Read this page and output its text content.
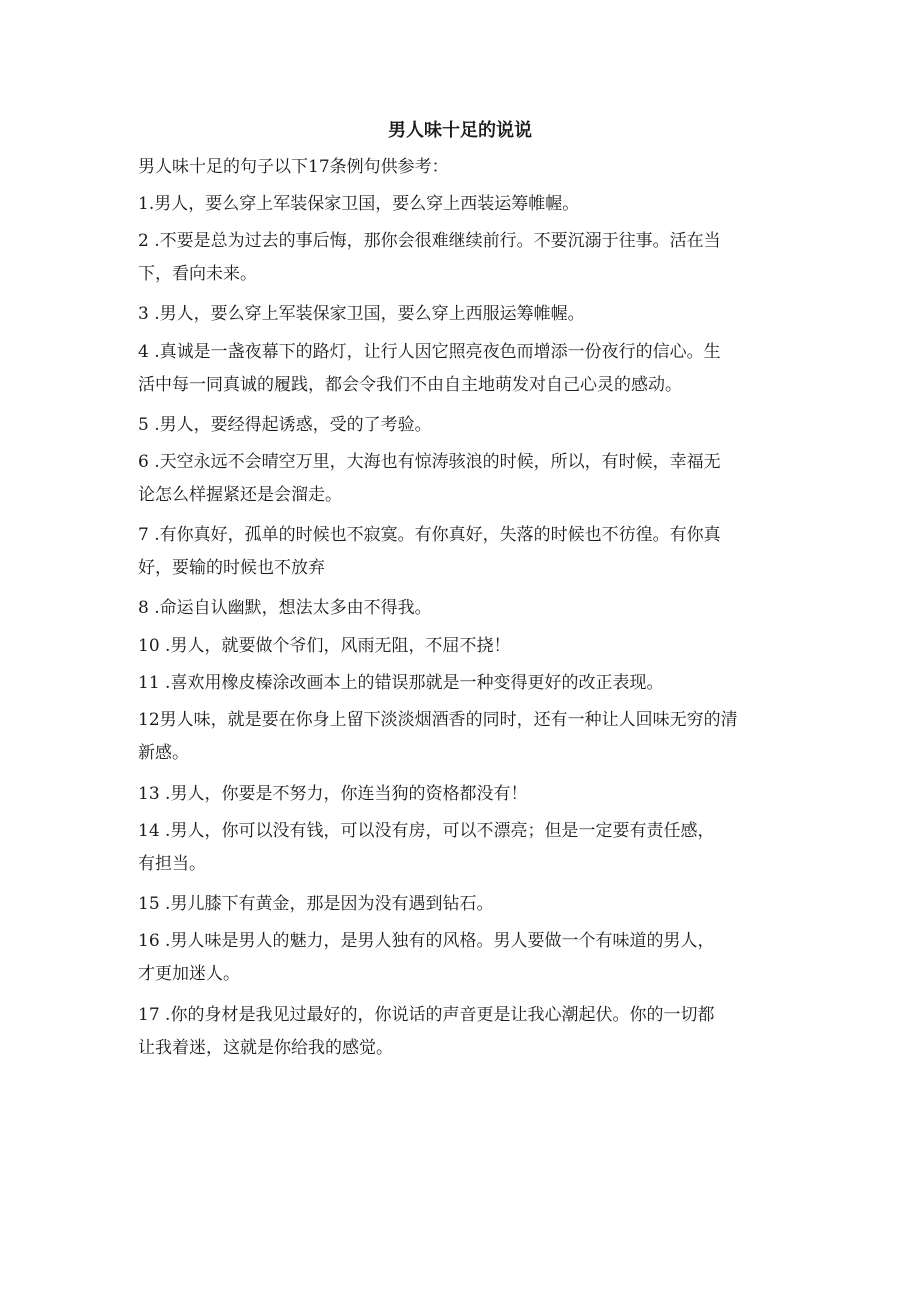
男人味十足的说说

男人味十足的句子以下17条例句供参考：

1.男人，要么穿上军装保家卫国，要么穿上西装运筹帷幄。

2 .不要是总为过去的事后悔，那你会很难继续前行。不要沉溺于往事。活在当
下，看向未来。

3 .男人，要么穿上军装保家卫国，要么穿上西服运筹帷幄。

4 .真诚是一盏夜幕下的路灯，让行人因它照亮夜色而增添一份夜行的信心。生
活中每一同真诚的履践，都会令我们不由自主地萌发对自己心灵的感动。

5 .男人，要经得起诱惑，受的了考验。

6 .天空永远不会晴空万里，大海也有惊涛骇浪的时候，所以，有时候，幸福无
论怎么样握紧还是会溜走。

7 .有你真好，孤单的时候也不寂寞。有你真好，失落的时候也不彷徨。有你真
好，要输的时候也不放弃

8 .命运自认幽默，想法太多由不得我。

10 .男人，就要做个爷们，风雨无阻，不屈不挠！

11 .喜欢用橡皮榛涂改画本上的错误那就是一种变得更好的改正表现。

12男人味，就是要在你身上留下淡淡烟酒香的同时，还有一种让人回味无穷的清
新感。

13 .男人，你要是不努力，你连当狗的资格都没有！

14 .男人，你可以没有钱，可以没有房，可以不漂亮；但是一定要有责任感，
有担当。

15 .男儿膝下有黄金，那是因为没有遇到钻石。

16 .男人味是男人的魅力，是男人独有的风格。男人要做一个有味道的男人，
才更加迷人。

17 .你的身材是我见过最好的，你说话的声音更是让我心潮起伏。你的一切都
让我着迷，这就是你给我的感觉。
